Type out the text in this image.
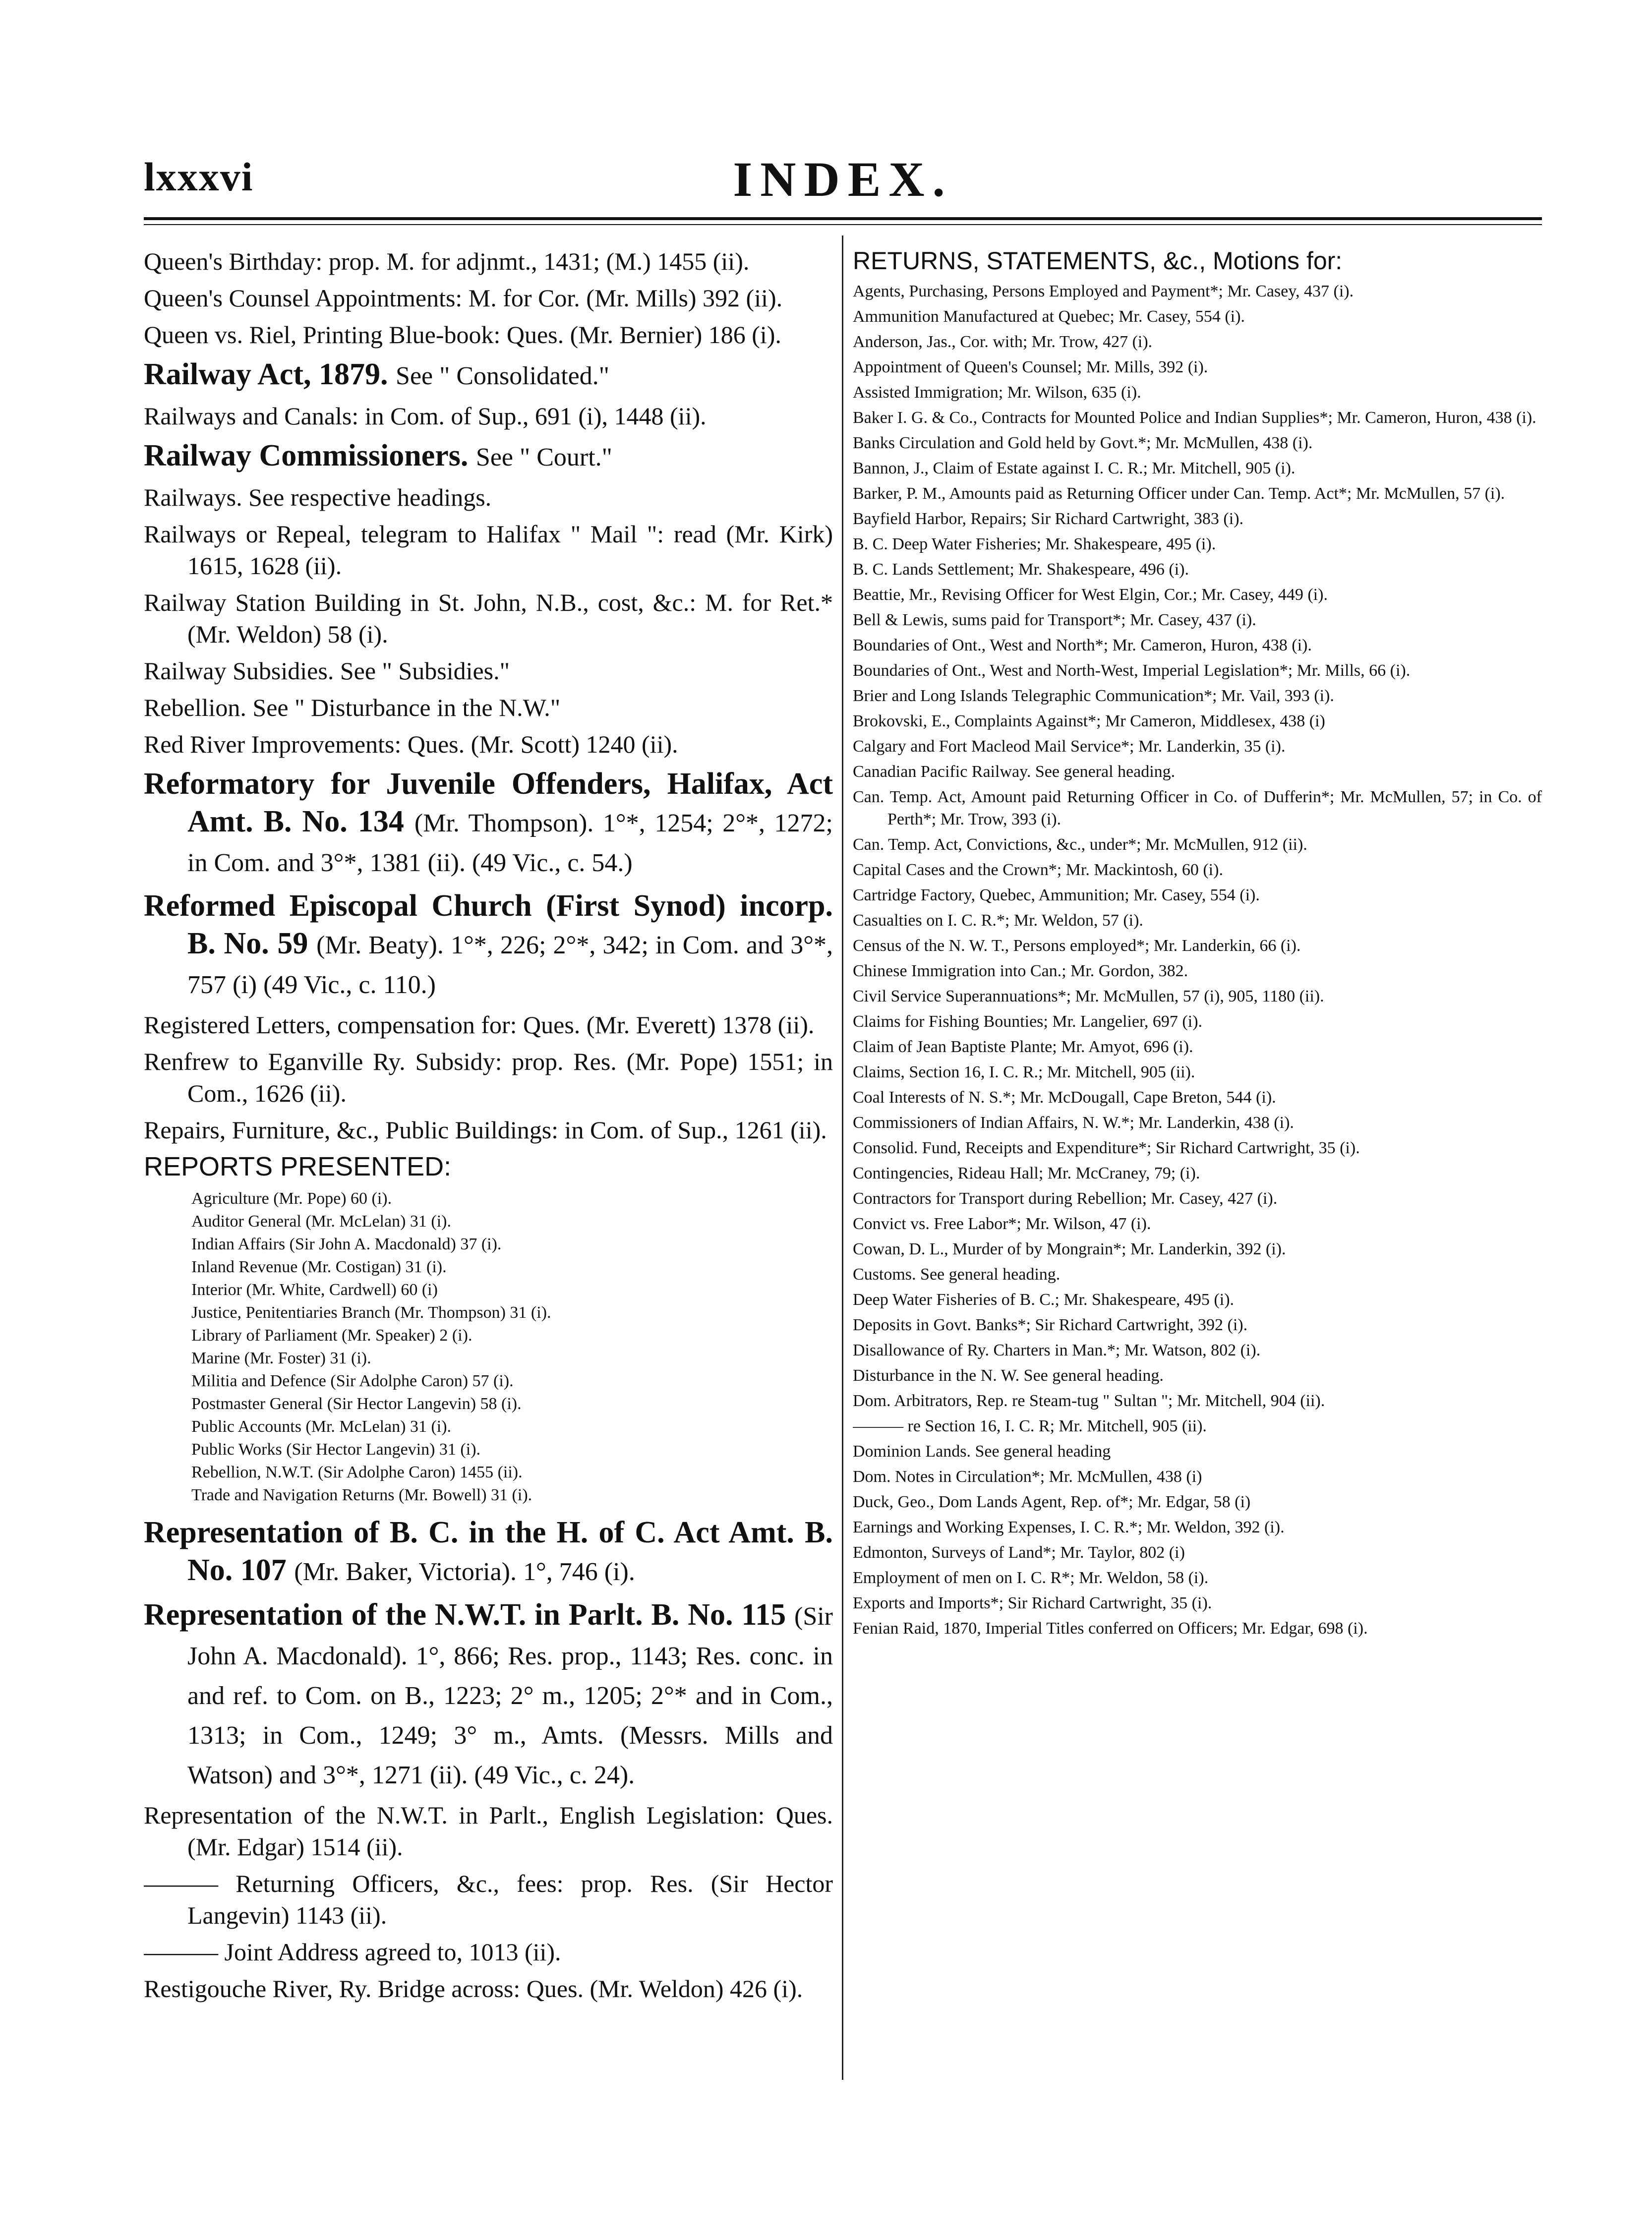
lxxxvi	INDEX.

Queen's Birthday: prop. M. for adjnmt., 1431; (M.) 1455 (ii).

Queen's Counsel Appointments: M. for Cor. (Mr. Mills) 392 (ii).

Queen vs. Riel, Printing Blue-book: Ques. (Mr. Bernier) 186 (i).

Railway Act, 1879. See " Consolidated."

Railways and Canals: in Com. of Sup., 691 (i), 1448 (ii).

Railway Commissioners. See " Court."

Railways. See respective headings.

Railways or Repeal, telegram to Halifax " Mail ": read (Mr. Kirk) 1615, 1628 (ii).

Railway Station Building in St. John, N.B., cost, &c.: M. for Ret.* (Mr. Weldon) 58 (i).

Railway Subsidies. See " Subsidies."

Rebellion. See " Disturbance in the N.W."

Red River Improvements: Ques. (Mr. Scott) 1240 (ii).

Reformatory for Juvenile Offenders, Halifax, Act Amt. B. No. 134 (Mr. Thompson). 1°*, 1254; 2°*, 1272; in Com. and 3°*, 1381 (ii). (49 Vic., c. 54.)

Reformed Episcopal Church (First Synod) incorp. B. No. 59 (Mr. Beaty). 1°*, 226; 2°*, 342; in Com. and 3°*, 757 (i) (49 Vic., c. 110.)

Registered Letters, compensation for: Ques. (Mr. Everett) 1378 (ii).

Renfrew to Eganville Ry. Subsidy: prop. Res. (Mr. Pope) 1551; in Com., 1626 (ii).

Repairs, Furniture, &c., Public Buildings: in Com. of Sup., 1261 (ii).

REPORTS PRESENTED:

Agriculture (Mr. Pope) 60 (i).

Auditor General (Mr. McLelan) 31 (i).

Indian Affairs (Sir John A. Macdonald) 37 (i).

Inland Revenue (Mr. Costigan) 31 (i).

Interior (Mr. White, Cardwell) 60 (i)

Justice, Penitentiaries Branch (Mr. Thompson) 31 (i).

Library of Parliament (Mr. Speaker) 2 (i).

Marine (Mr. Foster) 31 (i).

Militia and Defence (Sir Adolphe Caron) 57 (i).

Postmaster General (Sir Hector Langevin) 58 (i).

Public Accounts (Mr. McLelan) 31 (i).

Public Works (Sir Hector Langevin) 31 (i).

Rebellion, N.W.T. (Sir Adolphe Caron) 1455 (ii).

Trade and Navigation Returns (Mr. Bowell) 31 (i).

Representation of B. C. in the H. of C. Act Amt. B. No. 107 (Mr. Baker, Victoria). 1°, 746 (i).

Representation of the N.W.T. in Parlt. B. No. 115 (Sir John A. Macdonald). 1°, 866; Res. prop., 1143; Res. conc. in and ref. to Com. on B., 1223; 2° m., 1205; 2°* and in Com., 1313; in Com., 1249; 3° m., Amts. (Messrs. Mills and Watson) and 3°*, 1271 (ii). (49 Vic., c. 24).

Representation of the N.W.T. in Parlt., English Legislation: Ques. (Mr. Edgar) 1514 (ii).

——— Returning Officers, &c., fees: prop. Res. (Sir Hector Langevin) 1143 (ii).

——— Joint Address agreed to, 1013 (ii).

Restigouche River, Ry. Bridge across: Ques. (Mr. Weldon) 426 (i).

RETURNS, STATEMENTS, &c., Motions for:

Agents, Purchasing, Persons Employed and Payment*; Mr. Casey, 437 (i).

Ammunition Manufactured at Quebec; Mr. Casey, 554 (i).

Anderson, Jas., Cor. with; Mr. Trow, 427 (i).

Appointment of Queen's Counsel; Mr. Mills, 392 (i).

Assisted Immigration; Mr. Wilson, 635 (i).

Baker I. G. & Co., Contracts for Mounted Police and Indian Supplies*; Mr. Cameron, Huron, 438 (i).

Banks Circulation and Gold held by Govt.*; Mr. McMullen, 438 (i).

Bannon, J., Claim of Estate against I. C. R.; Mr. Mitchell, 905 (i).

Barker, P. M., Amounts paid as Returning Officer under Can. Temp. Act*; Mr. McMullen, 57 (i).

Bayfield Harbor, Repairs; Sir Richard Cartwright, 383 (i).

B. C. Deep Water Fisheries; Mr. Shakespeare, 495 (i).

B. C. Lands Settlement; Mr. Shakespeare, 496 (i).

Beattie, Mr., Revising Officer for West Elgin, Cor.; Mr. Casey, 449 (i).

Bell & Lewis, sums paid for Transport*; Mr. Casey, 437 (i).

Boundaries of Ont., West and North*; Mr. Cameron, Huron, 438 (i).

Boundaries of Ont., West and North-West, Imperial Legislation*; Mr. Mills, 66 (i).

Brier and Long Islands Telegraphic Communication*; Mr. Vail, 393 (i).

Brokovski, E., Complaints Against*; Mr Cameron, Middlesex, 438 (i)

Calgary and Fort Macleod Mail Service*; Mr. Landerkin, 35 (i).

Canadian Pacific Railway. See general heading.

Can. Temp. Act, Amount paid Returning Officer in Co. of Dufferin*; Mr. McMullen, 57; in Co. of Perth*; Mr. Trow, 393 (i).

Can. Temp. Act, Convictions, &c., under*; Mr. McMullen, 912 (ii).

Capital Cases and the Crown*; Mr. Mackintosh, 60 (i).

Cartridge Factory, Quebec, Ammunition; Mr. Casey, 554 (i).

Casualties on I. C. R.*; Mr. Weldon, 57 (i).

Census of the N. W. T., Persons employed*; Mr. Landerkin, 66 (i).

Chinese Immigration into Can.; Mr. Gordon, 382.

Civil Service Superannuations*; Mr. McMullen, 57 (i), 905, 1180 (ii).

Claims for Fishing Bounties; Mr. Langelier, 697 (i).

Claim of Jean Baptiste Plante; Mr. Amyot, 696 (i).

Claims, Section 16, I. C. R.; Mr. Mitchell, 905 (ii).

Coal Interests of N. S.*; Mr. McDougall, Cape Breton, 544 (i).

Commissioners of Indian Affairs, N. W.*; Mr. Landerkin, 438 (i).

Consolid. Fund, Receipts and Expenditure*; Sir Richard Cartwright, 35 (i).

Contingencies, Rideau Hall; Mr. McCraney, 79; (i).

Contractors for Transport during Rebellion; Mr. Casey, 427 (i).

Convict vs. Free Labor*; Mr. Wilson, 47 (i).

Cowan, D. L., Murder of by Mongrain*; Mr. Landerkin, 392 (i).

Customs. See general heading.

Deep Water Fisheries of B. C.; Mr. Shakespeare, 495 (i).

Deposits in Govt. Banks*; Sir Richard Cartwright, 392 (i).

Disallowance of Ry. Charters in Man.*; Mr. Watson, 802 (i).

Disturbance in the N. W. See general heading.

Dom. Arbitrators, Rep. re Steam-tug " Sultan "; Mr. Mitchell, 904 (ii).

——— re Section 16, I. C. R; Mr. Mitchell, 905 (ii).

Dominion Lands. See general heading

Dom. Notes in Circulation*; Mr. McMullen, 438 (i)

Duck, Geo., Dom Lands Agent, Rep. of*; Mr. Edgar, 58 (i)

Earnings and Working Expenses, I. C. R.*; Mr. Weldon, 392 (i).

Edmonton, Surveys of Land*; Mr. Taylor, 802 (i)

Employment of men on I. C. R*; Mr. Weldon, 58 (i).

Exports and Imports*; Sir Richard Cartwright, 35 (i).

Fenian Raid, 1870, Imperial Titles conferred on Officers; Mr. Edgar, 698 (i).
